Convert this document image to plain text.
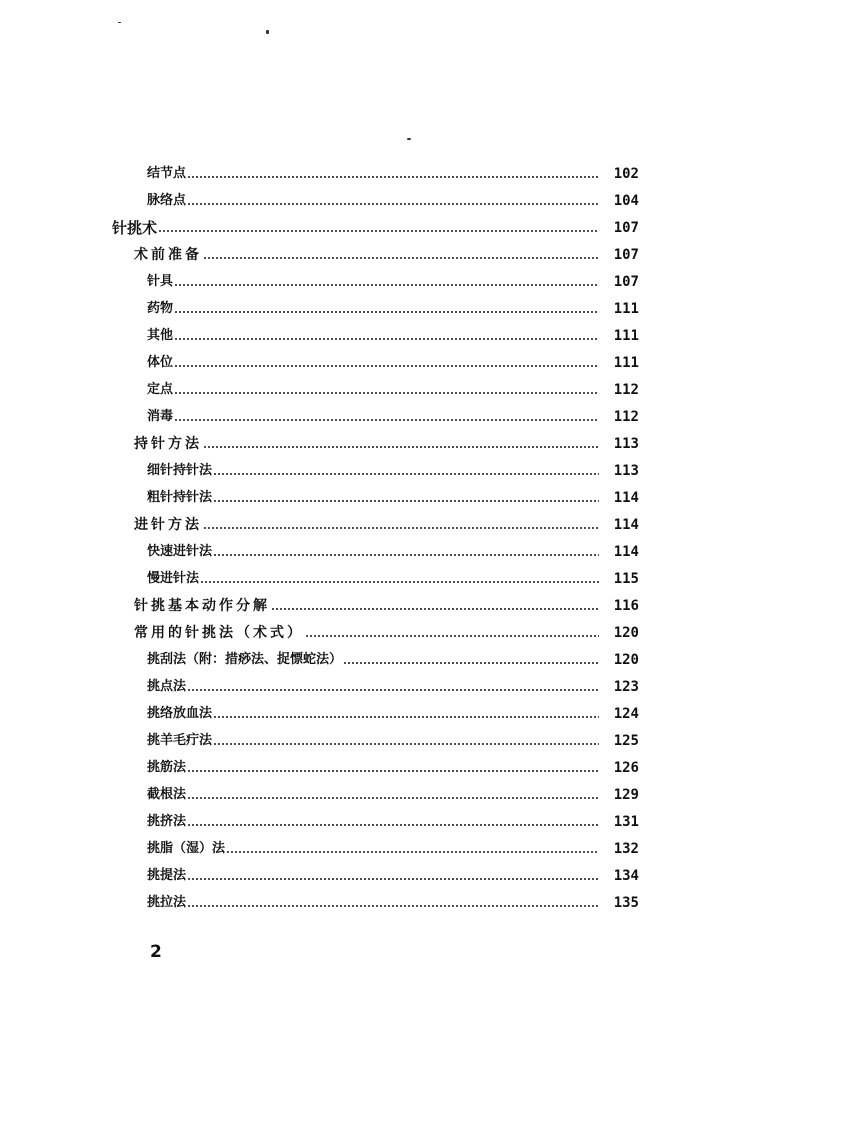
结节点	102
脉络点	104
针挑术	107
术前准备	107
针具	107
药物	111
其他	111
体位	111
定点	112
消毒	112
持针方法	113
细针持针法	113
粗针持针法	114
进针方法	114
快速进针法	114
慢进针法	115
针挑基本动作分解	116
常用的针挑法（术式）	120
挑刮法（附：措痧法、捉慓蛇法）	120
挑点法	123
挑络放血法	124
挑羊毛疔法	125
挑筋法	126
截根法	129
挑挤法	131
挑脂（湿）法	132
挑提法	134
挑拉法	135
2
